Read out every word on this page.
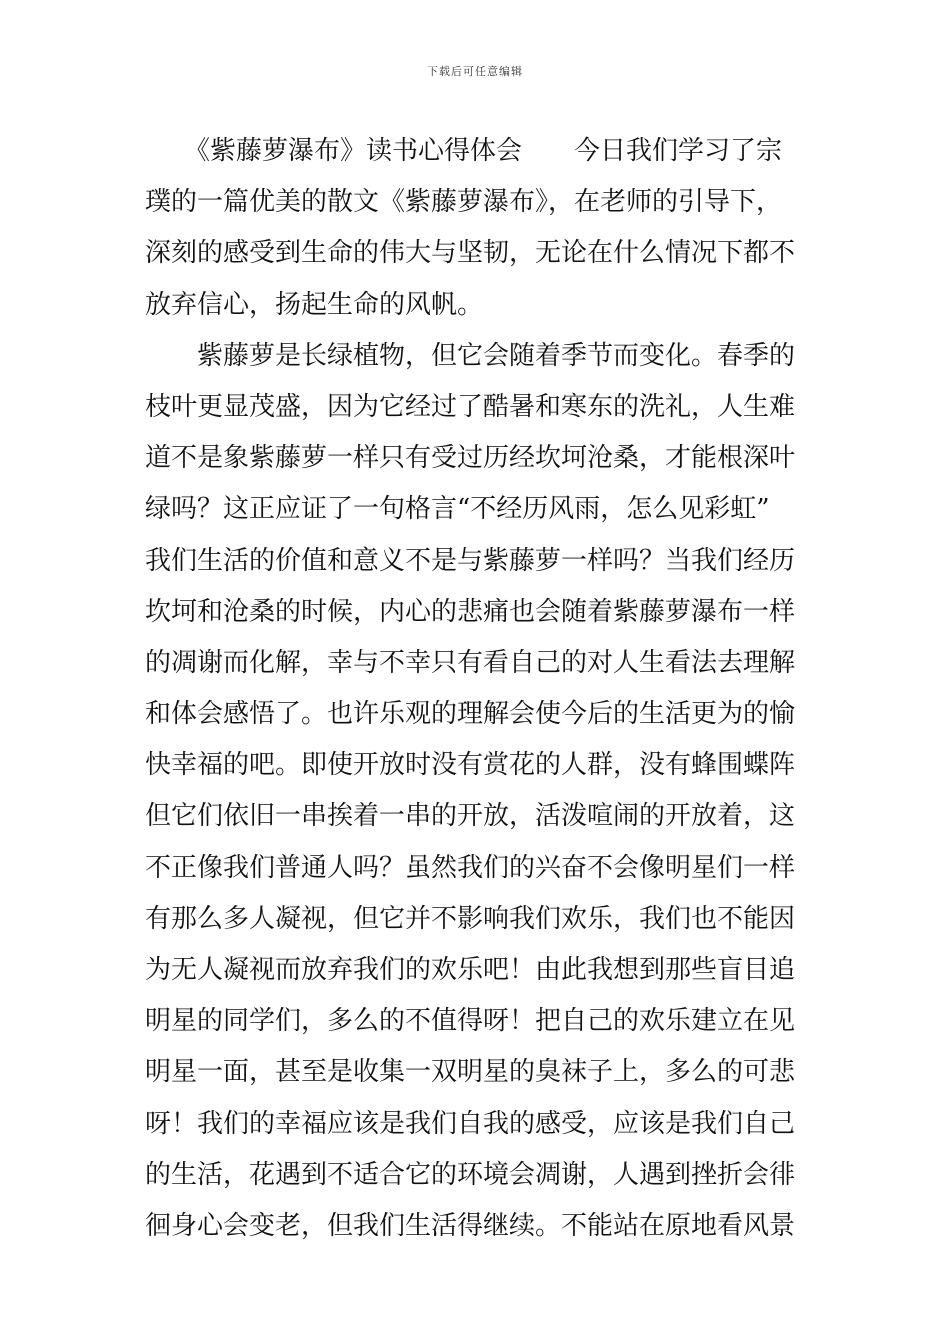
下载后可任意编辑
　　《紫藤萝瀑布》读书心得体会　　今日我们学习了宗
璞的一篇优美的散文《紫藤萝瀑布》，在老师的引导下，
深刻的感受到生命的伟大与坚韧，无论在什么情况下都不
放弃信心，扬起生命的风帆。
　　紫藤萝是长绿植物，但它会随着季节而变化。春季的
枝叶更显茂盛，因为它经过了酷暑和寒东的洗礼，人生难
道不是象紫藤萝一样只有受过历经坎坷沧桑，才能根深叶
绿吗？这正应证了一句格言“不经历风雨，怎么见彩虹”
我们生活的价值和意义不是与紫藤萝一样吗？当我们经历
坎坷和沧桑的时候，内心的悲痛也会随着紫藤萝瀑布一样
的凋谢而化解，幸与不幸只有看自己的对人生看法去理解
和体会感悟了。也许乐观的理解会使今后的生活更为的愉
快幸福的吧。即使开放时没有赏花的人群，没有蜂围蝶阵
但它们依旧一串挨着一串的开放，活泼喧闹的开放着，这
不正像我们普通人吗？虽然我们的兴奋不会像明星们一样
有那么多人凝视，但它并不影响我们欢乐，我们也不能因
为无人凝视而放弃我们的欢乐吧！由此我想到那些盲目追
明星的同学们，多么的不值得呀！把自己的欢乐建立在见
明星一面，甚至是收集一双明星的臭袜子上，多么的可悲
呀！我们的幸福应该是我们自我的感受，应该是我们自己
的生活，花遇到不适合它的环境会凋谢，人遇到挫折会徘
徊身心会变老，但我们生活得继续。不能站在原地看风景
